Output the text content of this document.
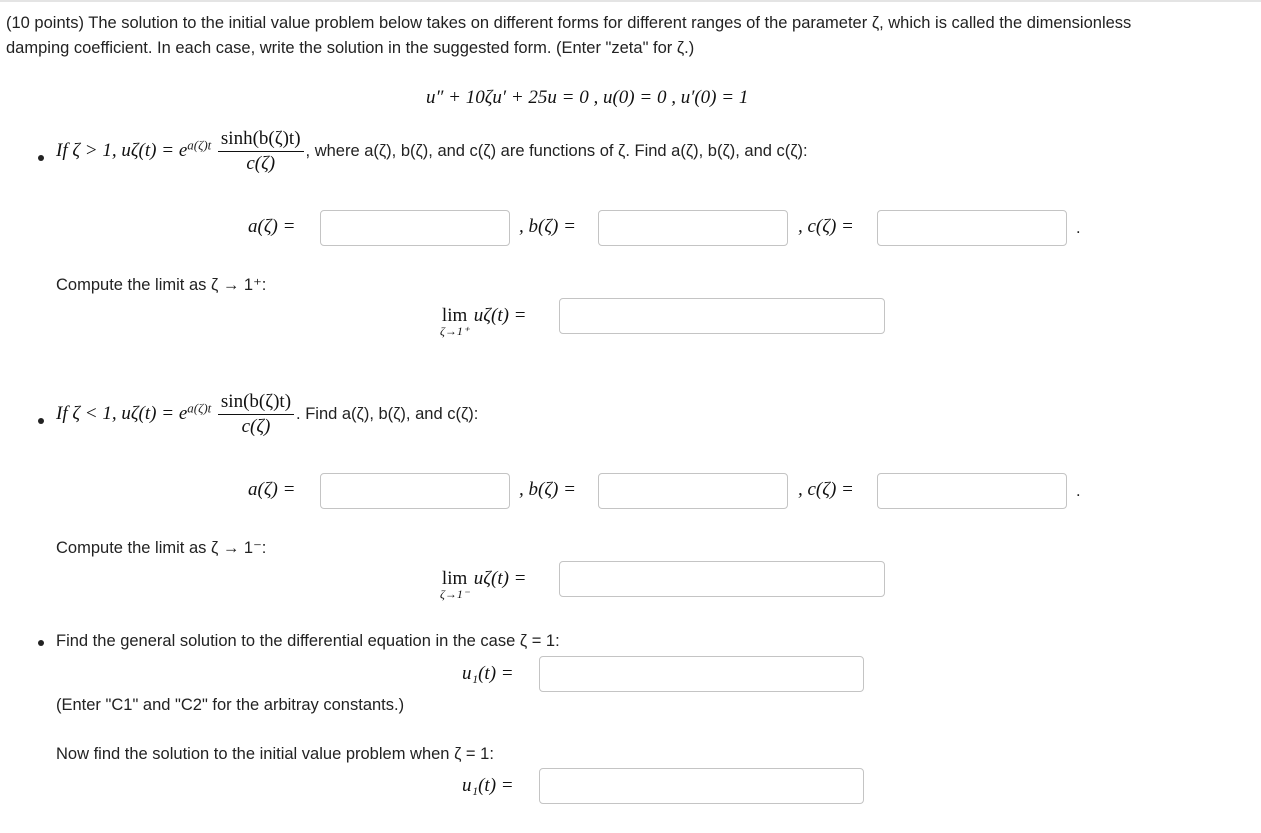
(10 points) The solution to the initial value problem below takes on different forms for different ranges of the parameter ζ, which is called the dimensionless
damping coefficient. In each case, write the solution in the suggested form. (Enter "zeta" for ζ.)
u″ + 10ζu′ + 25u = 0 , u(0) = 0 , u′(0) = 1
If ζ > 1, $u\zeta(t) = e^{a(\zeta)t} \frac{\sinh(b(\zeta)t)}{c(\zeta)}$ , where a(ζ), b(ζ), and c(ζ) are functions of ζ. Find a(ζ), b(ζ), and c(ζ):
a(ζ) =	, b(ζ) =	, c(ζ) =	.
Compute the limit as ζ → 1⁺:
lim
ζ→1⁺
uζ(t) =
If ζ < 1, $u\zeta(t) = e^{a(\zeta)t} \frac{\sin(b(\zeta)t)}{c(\zeta)}$ . Find a(ζ), b(ζ), and c(ζ):
a(ζ) =	, b(ζ) =	, c(ζ) =	.
Compute the limit as ζ → 1⁻:
lim
ζ→1⁻
uζ(t) =
Find the general solution to the differential equation in the case ζ = 1:
u₁(t) =
(Enter "C1" and "C2" for the arbitray constants.)
Now find the solution to the initial value problem when ζ = 1:
u₁(t) =
